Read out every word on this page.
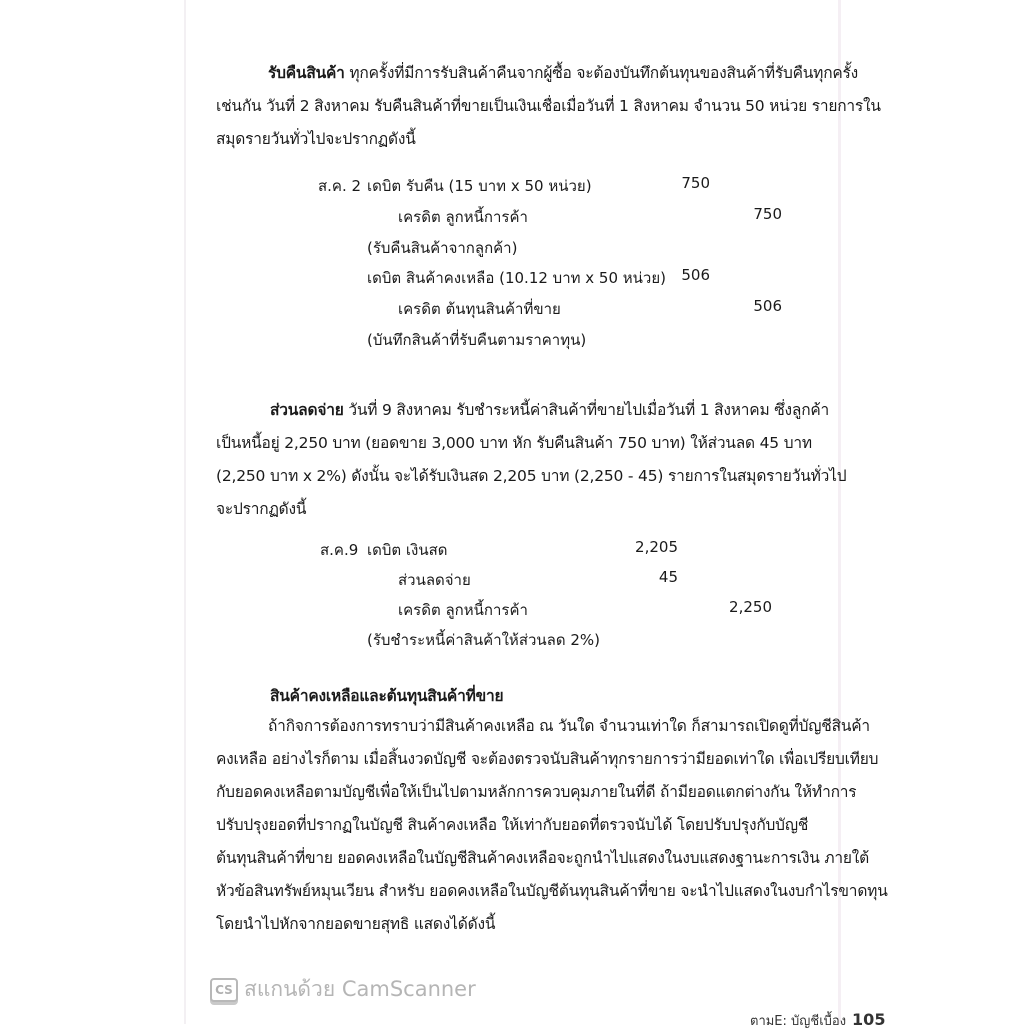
รับคืนสินค้า ทุกครั้งที่มีการรับสินค้าคืนจากผู้ซื้อ จะต้องบันทึกต้นทุนของสินค้าที่รับคืนทุกครั้ง
เช่นกัน วันที่ 2 สิงหาคม รับคืนสินค้าที่ขายเป็นเงินเชื่อเมื่อวันที่ 1 สิงหาคม จำนวน 50 หน่วย รายการใน
สมุดรายวันทั่วไปจะปรากฏดังนี้
ส.ค. 2 เดบิต รับคืน (15 บาท x 50 หน่วย)	750
เครดิต ลูกหนี้การค้า	750
(รับคืนสินค้าจากลูกค้า)
เดบิต สินค้าคงเหลือ (10.12 บาท x 50 หน่วย)	506
เครดิต ต้นทุนสินค้าที่ขาย	506
(บันทึกสินค้าที่รับคืนตามราคาทุน)
ส่วนลดจ่าย วันที่ 9 สิงหาคม รับชำระหนี้ค่าสินค้าที่ขายไปเมื่อวันที่ 1 สิงหาคม ซึ่งลูกค้า
เป็นหนี้อยู่ 2,250 บาท (ยอดขาย 3,000 บาท หัก รับคืนสินค้า 750 บาท) ให้ส่วนลด 45 บาท
(2,250 บาท x 2%) ดังนั้น จะได้รับเงินสด 2,205 บาท (2,250 - 45) รายการในสมุดรายวันทั่วไป
จะปรากฏดังนี้
ส.ค.9 เดบิต เงินสด	2,205
ส่วนลดจ่าย	45
เครดิต ลูกหนี้การค้า	2,250
(รับชำระหนี้ค่าสินค้าให้ส่วนลด 2%)
สินค้าคงเหลือและต้นทุนสินค้าที่ขาย
ถ้ากิจการต้องการทราบว่ามีสินค้าคงเหลือ ณ วันใด จำนวนเท่าใด ก็สามารถเปิดดูที่บัญชีสินค้า
คงเหลือ อย่างไรก็ตาม เมื่อสิ้นงวดบัญชี จะต้องตรวจนับสินค้าทุกรายการว่ามียอดเท่าใด เพื่อเปรียบเทียบ
กับยอดคงเหลือตามบัญชีเพื่อให้เป็นไปตามหลักการควบคุมภายในที่ดี ถ้ามียอดแตกต่างกัน ให้ทำการ
ปรับปรุงยอดที่ปรากฏในบัญชี สินค้าคงเหลือ ให้เท่ากับยอดที่ตรวจนับได้ โดยปรับปรุงกับบัญชี
ต้นทุนสินค้าที่ขาย ยอดคงเหลือในบัญชีสินค้าคงเหลือจะถูกนำไปแสดงในงบแสดงฐานะการเงิน ภายใต้
หัวข้อสินทรัพย์หมุนเวียน สำหรับ ยอดคงเหลือในบัญชีต้นทุนสินค้าที่ขาย จะนำไปแสดงในงบกำไรขาดทุน
โดยนำไปหักจากยอดขายสุทธิ แสดงได้ดังนี้
CS สแกนด้วย CamScanner
ตามE: บัญชีเบื้อง 105
